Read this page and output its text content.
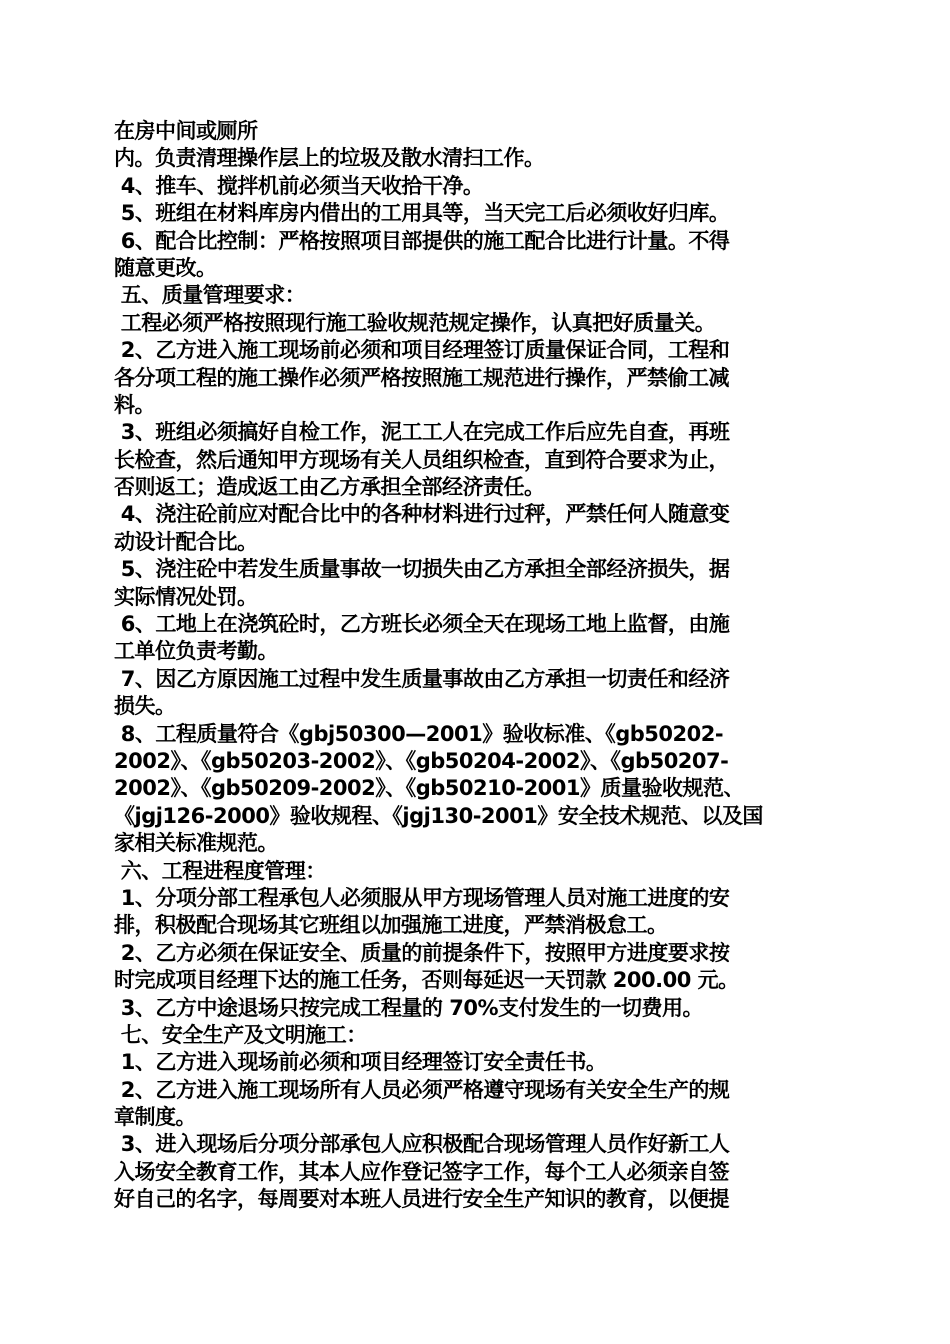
在房中间或厕所
内。负责清理操作层上的垃圾及散水清扫工作。
4、推车、搅拌机前必须当天收拾干净。
5、班组在材料库房内借出的工用具等，当天完工后必须收好归库。
6、配合比控制：严格按照项目部提供的施工配合比进行计量。不得
随意更改。
五、质量管理要求：
工程必须严格按照现行施工验收规范规定操作，认真把好质量关。
2、乙方进入施工现场前必须和项目经理签订质量保证合同，工程和
各分项工程的施工操作必须严格按照施工规范进行操作，严禁偷工减
料。
3、班组必须搞好自检工作，泥工工人在完成工作后应先自查，再班
长检查，然后通知甲方现场有关人员组织检查，直到符合要求为止，
否则返工；造成返工由乙方承担全部经济责任。
4、浇注砼前应对配合比中的各种材料进行过秤，严禁任何人随意变
动设计配合比。
5、浇注砼中若发生质量事故一切损失由乙方承担全部经济损失，据
实际情况处罚。
6、工地上在浇筑砼时，乙方班长必须全天在现场工地上监督，由施
工单位负责考勤。
7、因乙方原因施工过程中发生质量事故由乙方承担一切责任和经济
损失。
8、工程质量符合《gbj50300—2001》验收标准、《gb50202-
2002》、《gb50203-2002》、《gb50204-2002》、《gb50207-
2002》、《gb50209-2002》、《gb50210-2001》质量验收规范、
《jgj126-2000》验收规程、《jgj130-2001》安全技术规范、以及国
家相关标准规范。
六、工程进程度管理：
1、分项分部工程承包人必须服从甲方现场管理人员对施工进度的安
排，积极配合现场其它班组以加强施工进度，严禁消极怠工。
2、乙方必须在保证安全、质量的前提条件下，按照甲方进度要求按
时完成项目经理下达的施工任务，否则每延迟一天罚款 200.00 元。
3、乙方中途退场只按完成工程量的 70%支付发生的一切费用。
七、安全生产及文明施工：
1、乙方进入现场前必须和项目经理签订安全责任书。
2、乙方进入施工现场所有人员必须严格遵守现场有关安全生产的规
章制度。
3、进入现场后分项分部承包人应积极配合现场管理人员作好新工人
入场安全教育工作，其本人应作登记签字工作，每个工人必须亲自签
好自己的名字，每周要对本班人员进行安全生产知识的教育，以便提
